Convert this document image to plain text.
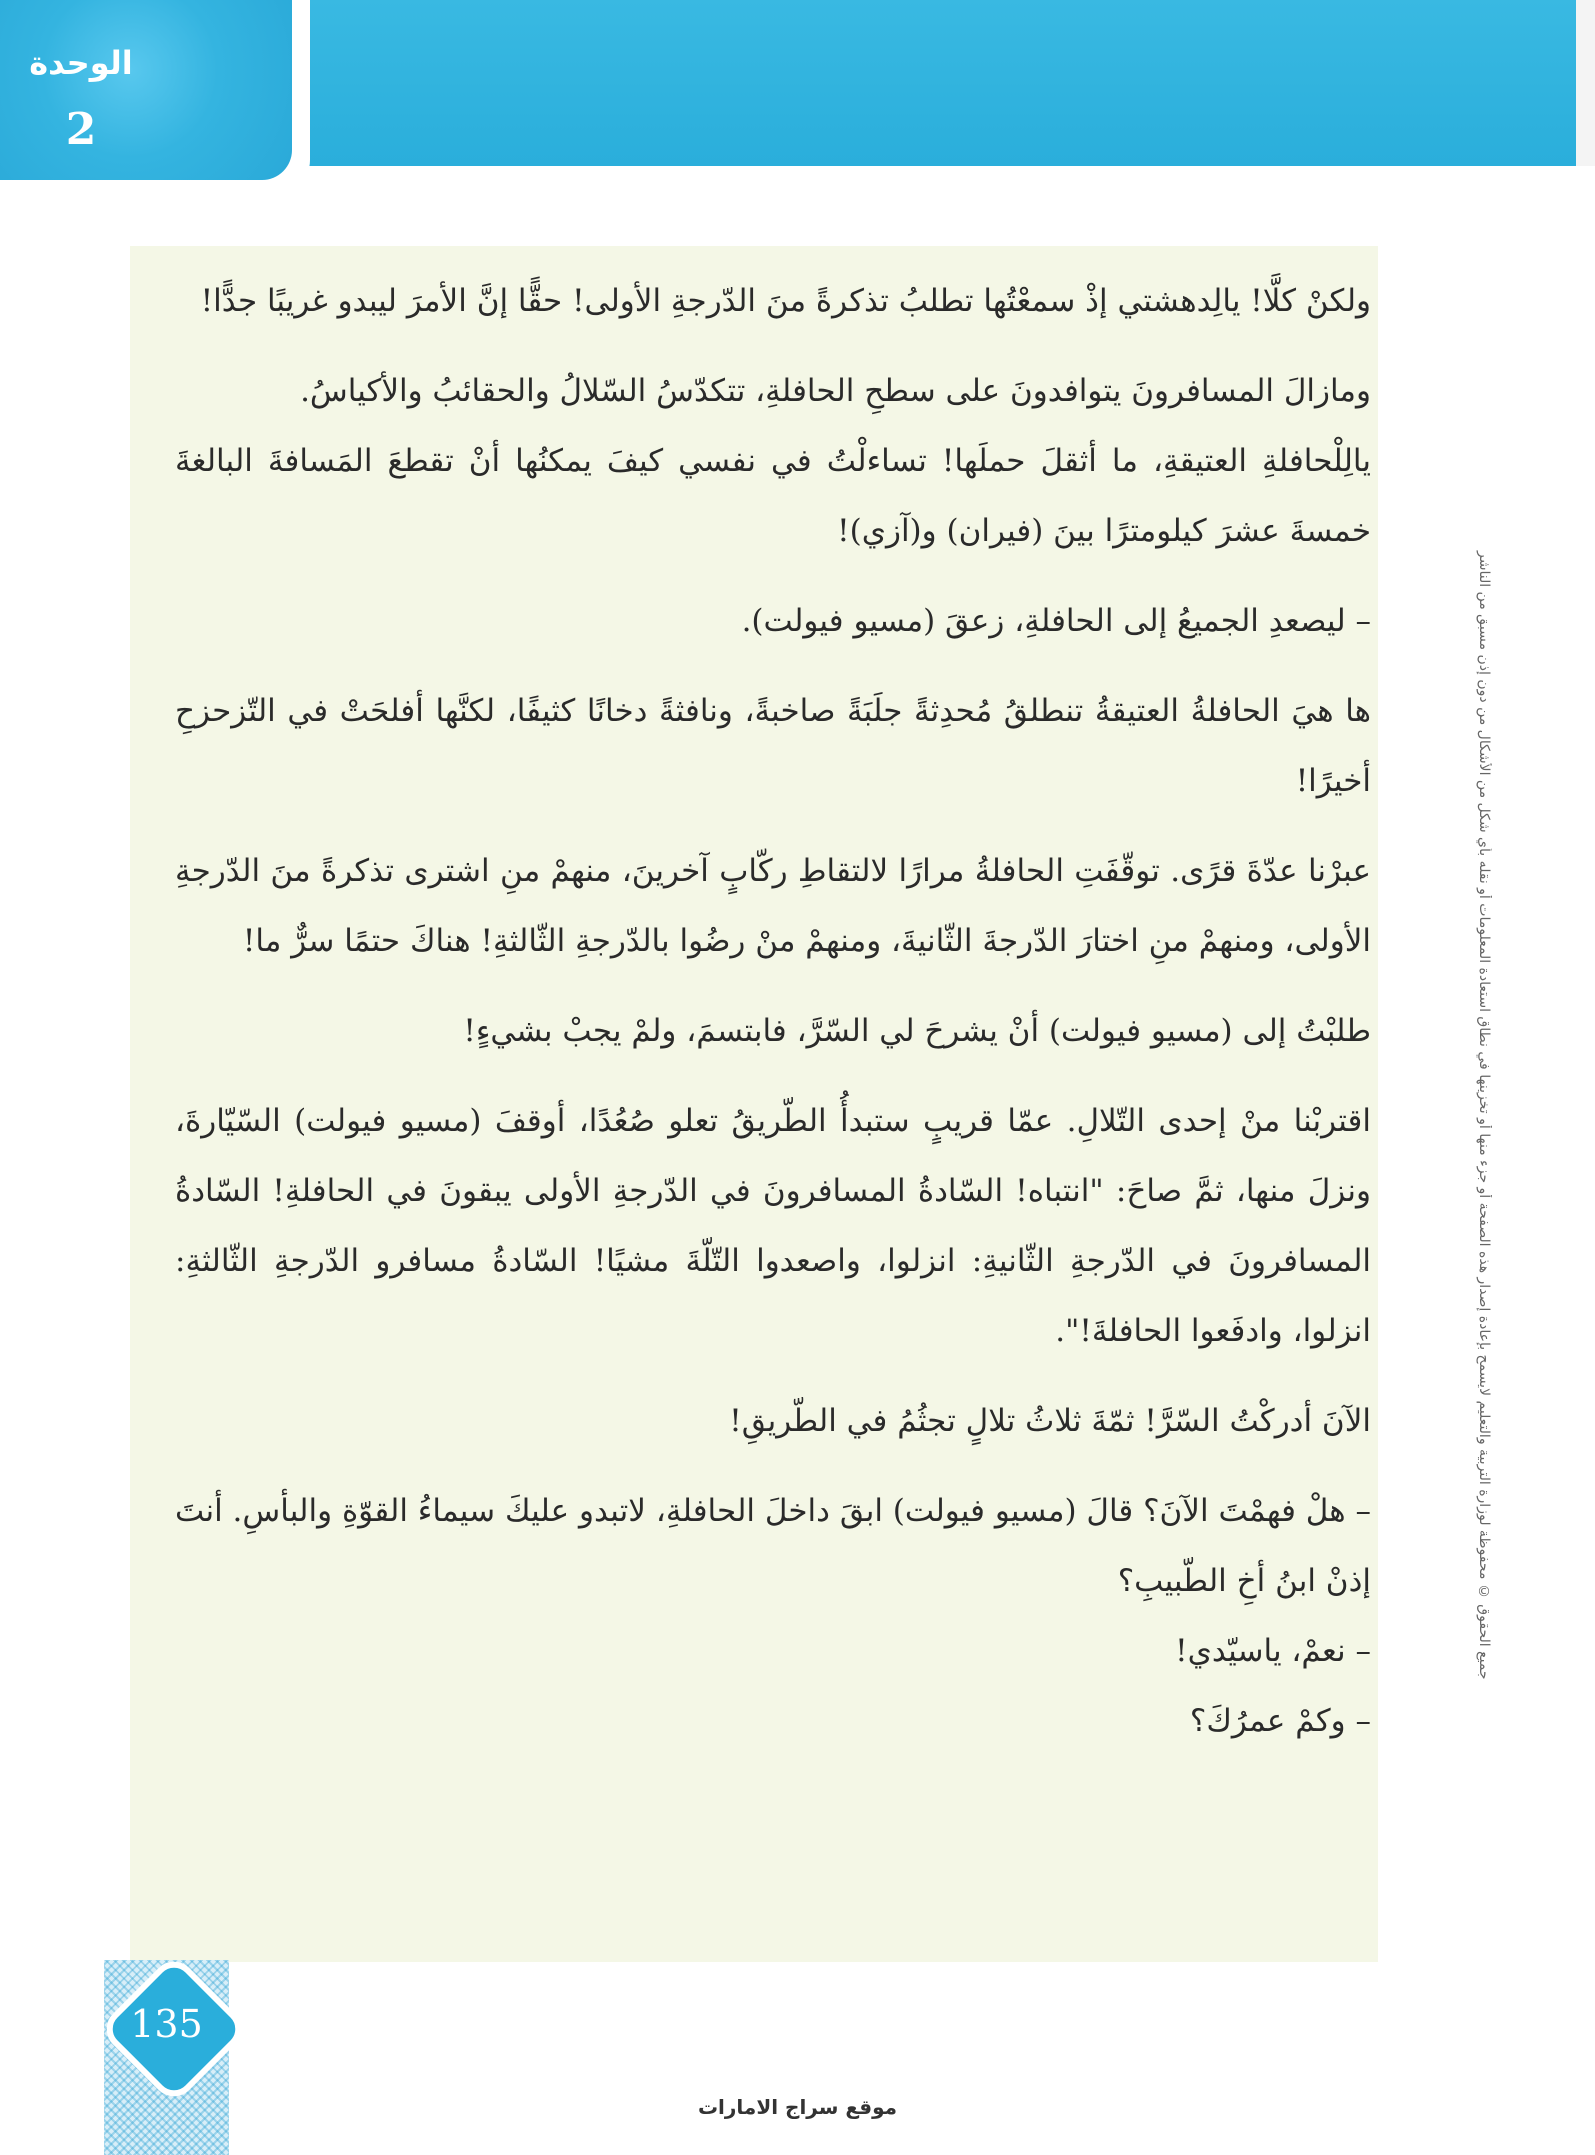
الوحدة
2

ولكنْ كلَّا! يالِدهشتي إذْ سمعْتُها تطلبُ تذكرةً منَ الدّرجةِ الأولى! حقًّا إنَّ الأمرَ ليبدو غريبًا جدًّا!

ومازالَ المسافرونَ يتوافدونَ على سطحِ الحافلةِ، تتكدّسُ السّلالُ والحقائبُ والأكياسُ.

يالِلْحافلةِ العتيقةِ، ما أثقلَ حملَها! تساءلْتُ في نفسي كيفَ يمكنُها أنْ تقطعَ المَسافةَ البالغةَ خمسةَ عشرَ كيلومترًا بينَ (فيران) و(آزي)!

– ليصعدِ الجميعُ إلى الحافلةِ، زعقَ (مسيو فيولت).

ها هيَ الحافلةُ العتيقةُ تنطلقُ مُحدِثةً جلَبَةً صاخبةً، ونافثةً دخانًا كثيفًا، لكنَّها أفلحَتْ في التّزحزحِ أخيرًا!

عبرْنا عدّةَ قرًى. توقّفَتِ الحافلةُ مرارًا لالتقاطِ ركّابٍ آخرينَ، منهمْ منِ اشترى تذكرةً منَ الدّرجةِ الأولى، ومنهمْ منِ اختارَ الدّرجةَ الثّانيةَ، ومنهمْ منْ رضُوا بالدّرجةِ الثّالثةِ! هناكَ حتمًا سرٌّ ما!

طلبْتُ إلى (مسيو فيولت) أنْ يشرحَ لي السّرَّ، فابتسمَ، ولمْ يجبْ بشيءٍ!

اقتربْنا منْ إحدى التّلالِ. عمّا قريبٍ ستبدأُ الطّريقُ تعلو صُعُدًا، أوقفَ (مسيو فيولت) السّيّارةَ، ونزلَ منها، ثمَّ صاحَ: "انتباه! السّادةُ المسافرونَ في الدّرجةِ الأولى يبقونَ في الحافلةِ! السّادةُ المسافرونَ في الدّرجةِ الثّانيةِ: انزلوا، واصعدوا التّلّةَ مشيًا! السّادةُ مسافرو الدّرجةِ الثّالثةِ: انزلوا، وادفَعوا الحافلةَ!".

الآنَ أدركْتُ السّرَّ! ثمّةَ ثلاثُ تلالٍ تجثُمُ في الطّريقِ!

– هلْ فهمْتَ الآنَ؟ قالَ (مسيو فيولت) ابقَ داخلَ الحافلةِ، لاتبدو عليكَ سيماءُ القوّةِ والبأسِ. أنتَ إذنْ ابنُ أخِ الطّبيبِ؟

– نعمْ، ياسيّدي!

– وكمْ عمرُكَ؟

جميع الحقوق © محفوظة لوزارة التربية والتعليم لايسمح بإعادة إصدار هذه الصفحة أو جزء منها أو تخزينها في نطاق استعادة المعلومات أو نقله بأي شكل من الأشكال من دون إذن مسبق من الناشر
135
موقع سراج الامارات
